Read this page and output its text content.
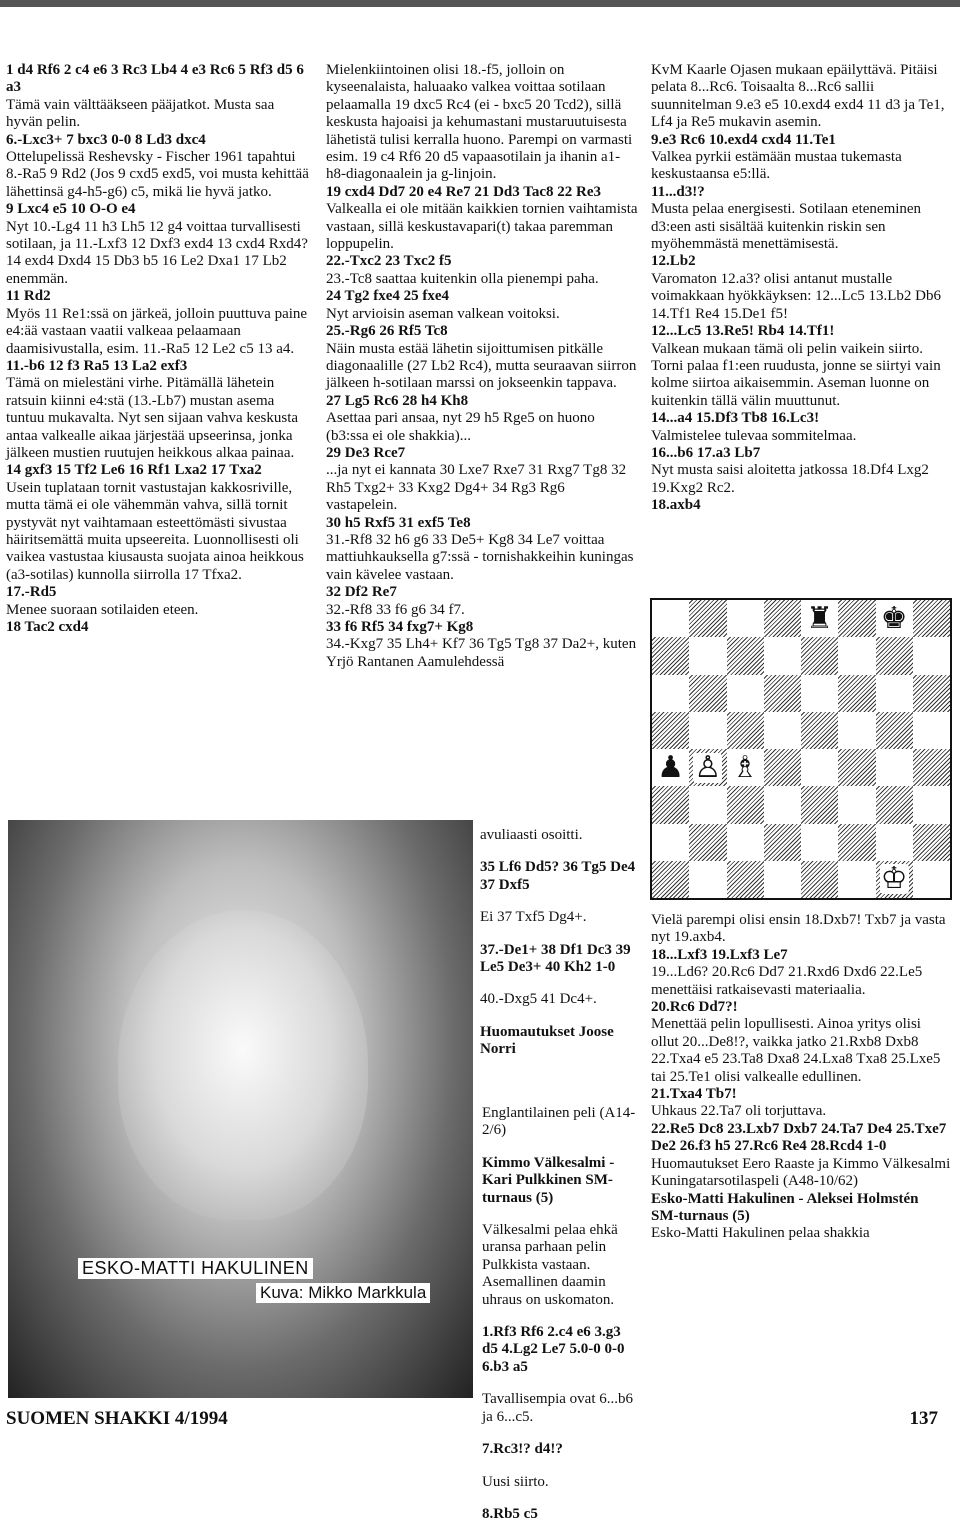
1 d4 Rf6 2 c4 e6 3 Rc3 Lb4 4 e3 Rc6 5 Rf3 d5 6 a3

Tämä vain välttääkseen pääjatkot. Musta saa hyvän pelin.

6.-Lxc3+ 7 bxc3 0-0 8 Ld3 dxc4

Ottelupelissä Reshevsky - Fischer 1961 tapahtui 8.-Ra5 9 Rd2 (Jos 9 cxd5 exd5, voi musta kehittää lähettinsä g4-h5-g6) c5, mikä lie hyvä jatko.

9 Lxc4 e5 10 O-O e4

Nyt 10.-Lg4 11 h3 Lh5 12 g4 voittaa turvallisesti sotilaan, ja 11.-Lxf3 12 Dxf3 exd4 13 cxd4 Rxd4? 14 exd4 Dxd4 15 Db3 b5 16 Le2 Dxa1 17 Lb2 enemmän.

11 Rd2

Myös 11 Re1:ssä on järkeä, jolloin puuttuva paine e4:ää vastaan vaatii valkeaa pelaamaan daamisivustalla, esim. 11.-Ra5 12 Le2 c5 13 a4.

11.-b6 12 f3 Ra5 13 La2 exf3

Tämä on mielestäni virhe. Pitämällä lähetein ratsuin kiinni e4:stä (13.-Lb7) mustan asema tuntuu mukavalta. Nyt sen sijaan vahva keskusta antaa valkealle aikaa järjestää upseerinsa, jonka jälkeen mustien ruutujen heikkous alkaa painaa.

14 gxf3 15 Tf2 Le6 16 Rf1 Lxa2 17 Txa2

Usein tuplataan tornit vastustajan kakkosriville, mutta tämä ei ole vähemmän vahva, sillä tornit pystyvät nyt vaihtamaan esteettömästi sivustaa häiritsemättä muita upseereita. Luonnollisesti oli vaikea vastustaa kiusausta suojata ainoa heikkous (a3-sotilas) kunnolla siirrolla 17 Tfxa2.

17.-Rd5

Menee suoraan sotilaiden eteen.

18 Tac2 cxd4

Mielenkiintoinen olisi 18.-f5, jolloin on kyseenalaista, haluaako valkea voittaa sotilaan pelaamalla 19 dxc5 Rc4 (ei - bxc5 20 Tcd2), sillä keskusta hajoaisi ja kehumastani mustaruutuisesta lähetistä tulisi kerralla huono. Parempi on varmasti esim. 19 c4 Rf6 20 d5 vapaasotilain ja ihanin a1-h8-diagonaalein ja g-linjoin.

19 cxd4 Dd7 20 e4 Re7 21 Dd3 Tac8 22 Re3

Valkealla ei ole mitään kaikkien tornien vaihtamista vastaan, sillä keskustavapari(t) takaa paremman loppupelin.

22.-Txc2 23 Txc2 f5

23.-Tc8 saattaa kuitenkin olla pienempi paha.

24 Tg2 fxe4 25 fxe4

Nyt arvioisin aseman valkean voitoksi.

25.-Rg6 26 Rf5 Tc8

Näin musta estää lähetin sijoittumisen pitkälle diagonaalille (27 Lb2 Rc4), mutta seuraavan siirron jälkeen h-sotilaan marssi on jokseenkin tappava.

27 Lg5 Rc6 28 h4 Kh8

Asettaa pari ansaa, nyt 29 h5 Rge5 on huono (b3:ssa ei ole shakkia)...

29 De3 Rce7

...ja nyt ei kannata 30 Lxe7 Rxe7 31 Rxg7 Tg8 32 Rh5 Txg2+ 33 Kxg2 Dg4+ 34 Rg3 Rg6 vastapelein.

30 h5 Rxf5 31 exf5 Te8

31.-Rf8 32 h6 g6 33 De5+ Kg8 34 Le7 voittaa mattiuhkauksella g7:ssä - tornishakkeihin kuningas vain kävelee vastaan.

32 Df2 Re7

32.-Rf8 33 f6 g6 34 f7.

33 f6 Rf5 34 fxg7+ Kg8

34.-Kxg7 35 Lh4+ Kf7 36 Tg5 Tg8 37 Da2+, kuten Yrjö Rantanen Aamulehdessä

avuliaasti osoitti.

35 Lf6 Dd5? 36 Tg5 De4 37 Dxf5

Ei 37 Txf5 Dg4+.

37.-De1+ 38 Df1 Dc3 39 Le5 De3+ 40 Kh2 1-0

40.-Dxg5 41 Dc4+.

Huomautukset Joose Norri

Englantilainen peli (A14-2/6)

Kimmo Välkesalmi - Kari Pulkkinen SM-turnaus (5)

Välkesalmi pelaa ehkä uransa parhaan pelin Pulkkista vastaan. Asemallinen daamin uhraus on uskomaton.

1.Rf3 Rf6 2.c4 e6 3.g3 d5 4.Lg2 Le7 5.0-0 0-0 6.b3 a5

Tavallisempia ovat 6...b6 ja 6...c5.

7.Rc3!? d4!?

Uusi siirto.

8.Rb5 c5

KvM Kaarle Ojasen mukaan epäilyttävä. Pitäisi pelata 8...Rc6. Toisaalta 8...Rc6 sallii suunnitelman 9.e3 e5 10.exd4 exd4 11 d3 ja Te1, Lf4 ja Re5 mukavin asemin.

9.e3 Rc6 10.exd4 cxd4 11.Te1

Valkea pyrkii estämään mustaa tukemasta keskustaansa e5:llä.

11...d3!?

Musta pelaa energisesti. Sotilaan eteneminen d3:een asti sisältää kuitenkin riskin sen myöhemmästä menettämisestä.

12.Lb2

Varomaton 12.a3? olisi antanut mustalle voimakkaan hyökkäyksen: 12...Lc5 13.Lb2 Db6 14.Tf1 Re4 15.De1 f5!

12...Lc5 13.Re5! Rb4 14.Tf1!

Valkean mukaan tämä oli pelin vaikein siirto. Torni palaa f1:een ruudusta, jonne se siirtyi vain kolme siirtoa aikaisemmin. Aseman luonne on kuitenkin tällä välin muuttunut.

14...a4 15.Df3 Tb8 16.Lc3!

Valmistelee tulevaa sommitelmaa.

16...b6 17.a3 Lb7

Nyt musta saisi aloitetta jatkossa 18.Df4 Lxg2 19.Kxg2 Rc2.

18.axb4

Vielä parempi olisi ensin 18.Dxb7! Txb7 ja vasta nyt 19.axb4.

18...Lxf3 19.Lxf3 Le7

19...Ld6? 20.Rc6 Dd7 21.Rxd6 Dxd6 22.Le5 menettäisi ratkaisevasti materiaalia.

20.Rc6 Dd7?!

Menettää pelin lopullisesti. Ainoa yritys olisi ollut 20...De8!?, vaikka jatko 21.Rxb8 Dxb8 22.Txa4 e5 23.Ta8 Dxa8 24.Lxa8 Txa8 25.Lxe5 tai 25.Te1 olisi valkealle edullinen.

21.Txa4 Tb7!

Uhkaus 22.Ta7 oli torjuttava.

22.Re5 Dc8 23.Lxb7 Dxb7 24.Ta7 De4 25.Txe7 De2 26.f3 h5 27.Rc6 Re4 28.Rcd4 1-0

Huomautukset Eero Raaste ja Kimmo Välkesalmi

Kuningatarsotilaspeli (A48-10/62)

Esko-Matti Hakulinen - Aleksei Holmstén

SM-turnaus (5)

Esko-Matti Hakulinen pelaa shakkia

ESKO-MATTI HAKULINEN
Kuva: Mikko Markkula
♜ ♚
♟ ♙ ♗
♔
SUOMEN SHAKKI 4/1994	137
